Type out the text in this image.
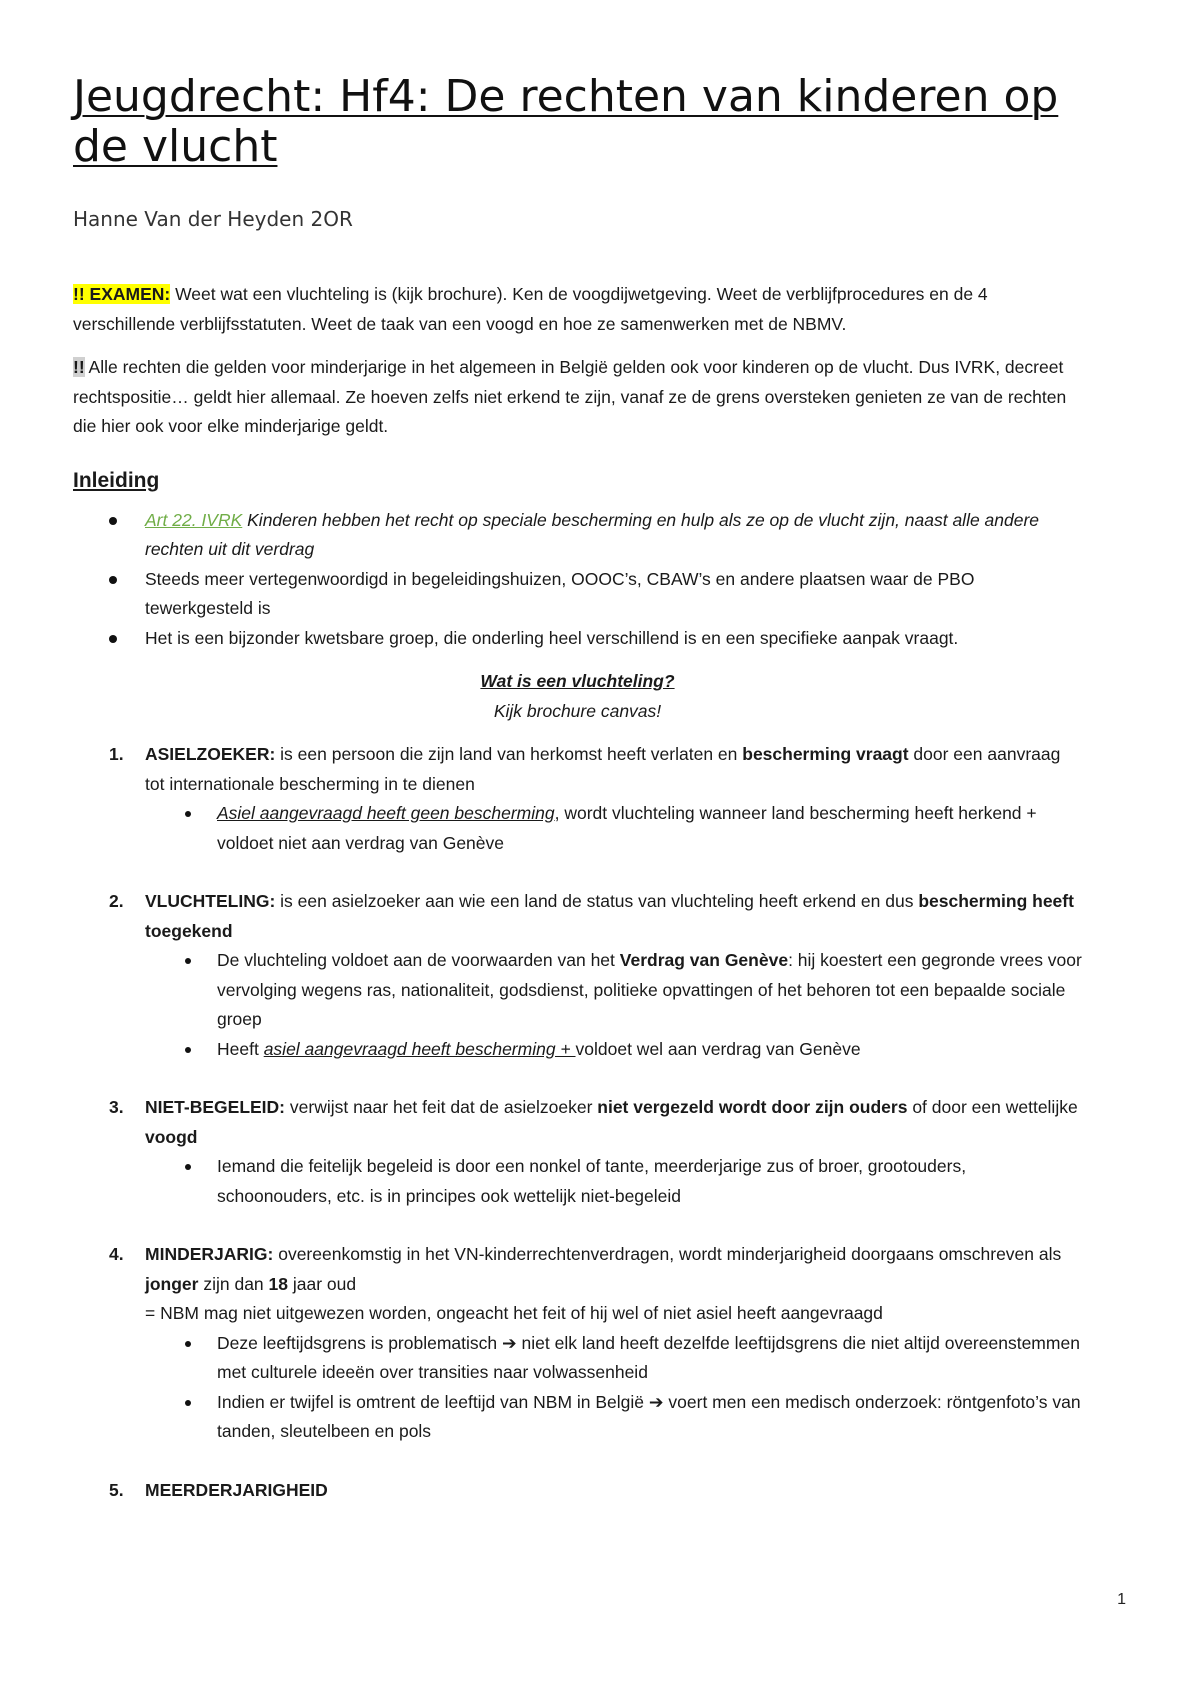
Jeugdrecht: Hf4: De rechten van kinderen op de vlucht
Hanne Van der Heyden 2OR

!! EXAMEN: Weet wat een vluchteling is (kijk brochure). Ken de voogdijwetgeving. Weet de verblijfprocedures en de 4 verschillende verblijfsstatuten. Weet de taak van een voogd en hoe ze samenwerken met de NBMV.

!! Alle rechten die gelden voor minderjarige in het algemeen in België gelden ook voor kinderen op de vlucht. Dus IVRK, decreet rechtspositie… geldt hier allemaal. Ze hoeven zelfs niet erkend te zijn, vanaf ze de grens oversteken genieten ze van de rechten die hier ook voor elke minderjarige geldt.

Inleiding
Art 22. IVRK Kinderen hebben het recht op speciale bescherming en hulp als ze op de vlucht zijn, naast alle andere rechten uit dit verdrag
Steeds meer vertegenwoordigd in begeleidingshuizen, OOOC’s, CBAW’s en andere plaatsen waar de PBO tewerkgesteld is
Het is een bijzonder kwetsbare groep, die onderling heel verschillend is en een specifieke aanpak vraagt.
Wat is een vluchteling?
Kijk brochure canvas!
1. ASIELZOEKER: is een persoon die zijn land van herkomst heeft verlaten en bescherming vraagt door een aanvraag tot internationale bescherming in te dienen
Asiel aangevraagd heeft geen bescherming, wordt vluchteling wanneer land bescherming heeft herkend + voldoet niet aan verdrag van Genève
2. VLUCHTELING: is een asielzoeker aan wie een land de status van vluchteling heeft erkend en dus bescherming heeft toegekend
De vluchteling voldoet aan de voorwaarden van het Verdrag van Genève: hij koestert een gegronde vrees voor vervolging wegens ras, nationaliteit, godsdienst, politieke opvattingen of het behoren tot een bepaalde sociale groep
Heeft asiel aangevraagd heeft bescherming + voldoet wel aan verdrag van Genève
3. NIET-BEGELEID: verwijst naar het feit dat de asielzoeker niet vergezeld wordt door zijn ouders of door een wettelijke voogd
Iemand die feitelijk begeleid is door een nonkel of tante, meerderjarige zus of broer, grootouders, schoonouders, etc. is in principes ook wettelijk niet-begeleid
4. MINDERJARIG: overeenkomstig in het VN-kinderrechtenverdragen, wordt minderjarigheid doorgaans omschreven als jonger zijn dan 18 jaar oud
= NBM mag niet uitgewezen worden, ongeacht het feit of hij wel of niet asiel heeft aangevraagd
Deze leeftijdsgrens is problematisch ➔ niet elk land heeft dezelfde leeftijdsgrens die niet altijd overeenstemmen met culturele ideeën over transities naar volwassenheid
Indien er twijfel is omtrent de leeftijd van NBM in België ➔ voert men een medisch onderzoek: röntgenfoto’s van tanden, sleutelbeen en pols
5. MEERDERJARIGHEID
1
